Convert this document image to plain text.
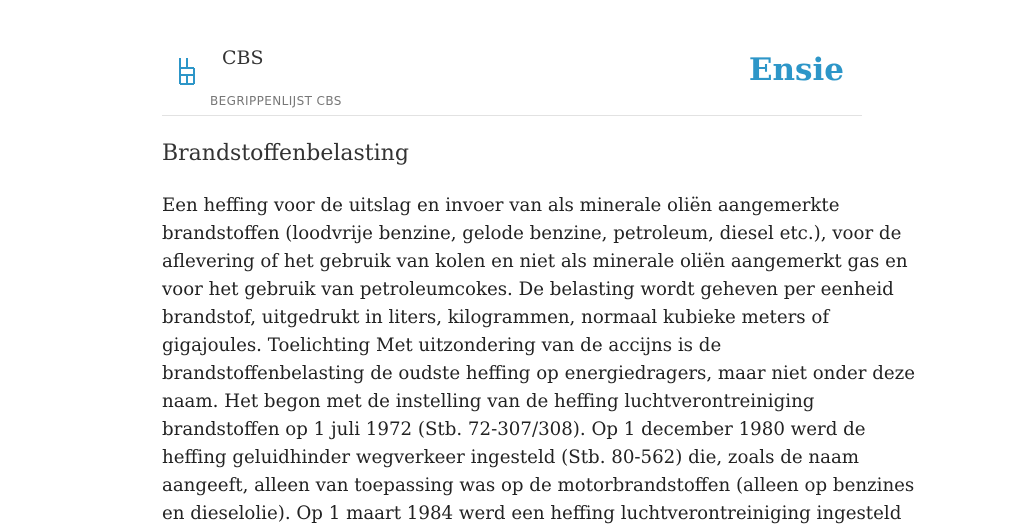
CBS
BEGRIPPENLIJST CBS
Ensie
Brandstoffenbelasting
Een heffing voor de uitslag en invoer van als minerale oliën aangemerkte
brandstoffen (loodvrije benzine, gelode benzine, petroleum, diesel etc.), voor de
aflevering of het gebruik van kolen en niet als minerale oliën aangemerkt gas en
voor het gebruik van petroleumcokes. De belasting wordt geheven per eenheid
brandstof, uitgedrukt in liters, kilogrammen, normaal kubieke meters of
gigajoules. Toelichting Met uitzondering van de accijns is de
brandstoffenbelasting de oudste heffing op energiedragers, maar niet onder deze
naam. Het begon met de instelling van de heffing luchtverontreiniging
brandstoffen op 1 juli 1972 (Stb. 72-307/308). Op 1 december 1980 werd de
heffing geluidhinder wegverkeer ingesteld (Stb. 80-562) die, zoals de naam
aangeeft, alleen van toepassing was op de motorbrandstoffen (alleen op benzines
en dieselolie). Op 1 maart 1984 werd een heffing luchtverontreiniging ingesteld
